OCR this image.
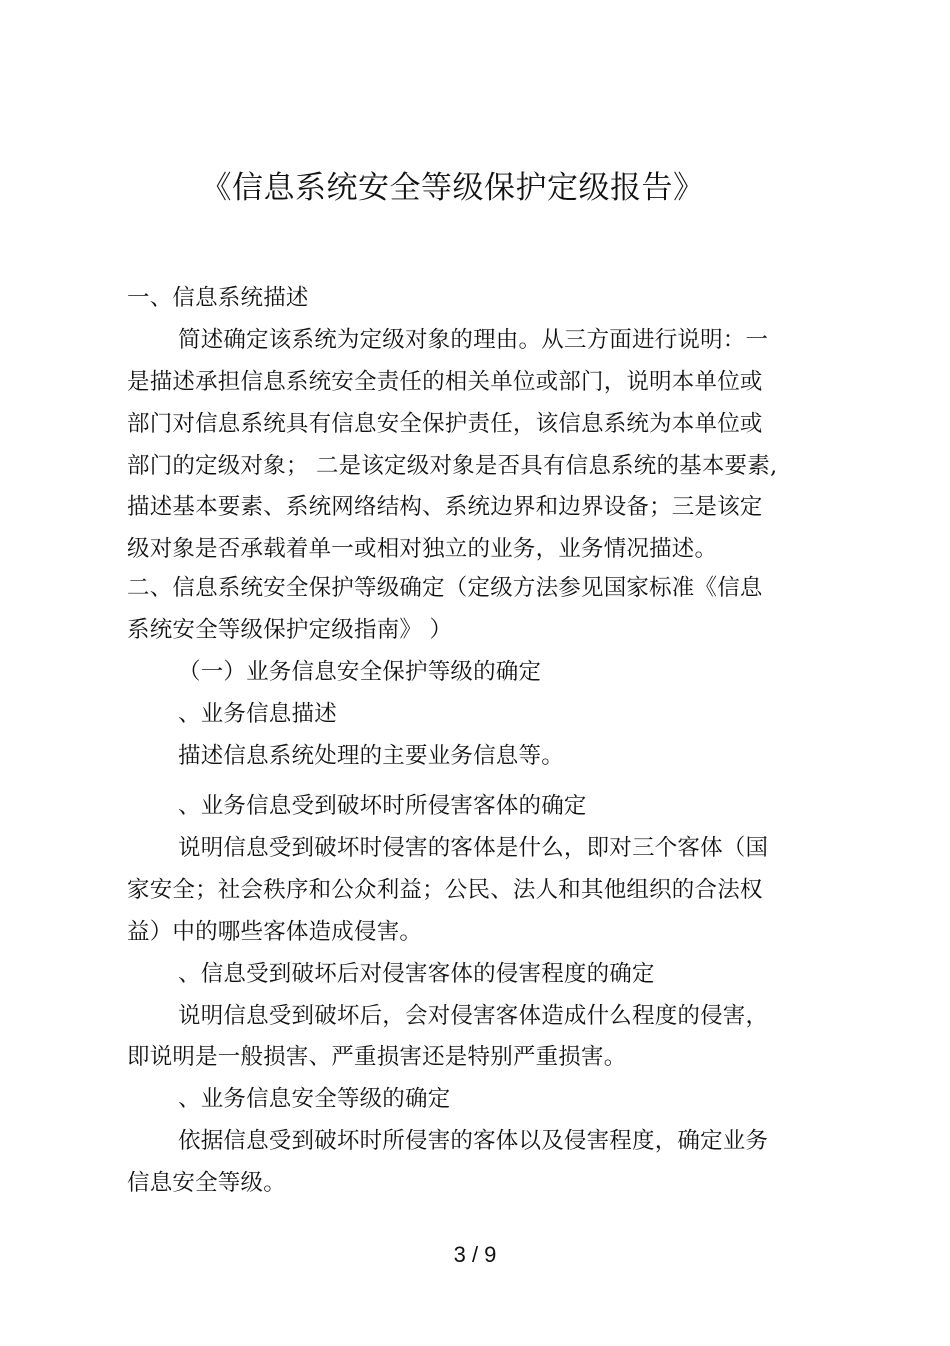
《信息系统安全等级保护定级报告》
一、信息系统描述
简述确定该系统为定级对象的理由。从三方面进行说明：一
是描述承担信息系统安全责任的相关单位或部门，说明本单位或
部门对信息系统具有信息安全保护责任，该信息系统为本单位或
部门的定级对象； 二是该定级对象是否具有信息系统的基本要素,
描述基本要素、系统网络结构、系统边界和边界设备；三是该定
级对象是否承载着单一或相对独立的业务，业务情况描述。
二、信息系统安全保护等级确定（定级方法参见国家标准《信息
系统安全等级保护定级指南》 ）
（一）业务信息安全保护等级的确定
、业务信息描述
描述信息系统处理的主要业务信息等。
、业务信息受到破坏时所侵害客体的确定
说明信息受到破坏时侵害的客体是什么，即对三个客体（国
家安全；社会秩序和公众利益；公民、法人和其他组织的合法权
益）中的哪些客体造成侵害。
、信息受到破坏后对侵害客体的侵害程度的确定
说明信息受到破坏后，会对侵害客体造成什么程度的侵害，
即说明是一般损害、严重损害还是特别严重损害。
、业务信息安全等级的确定
依据信息受到破坏时所侵害的客体以及侵害程度，确定业务
信息安全等级。
3 / 9
